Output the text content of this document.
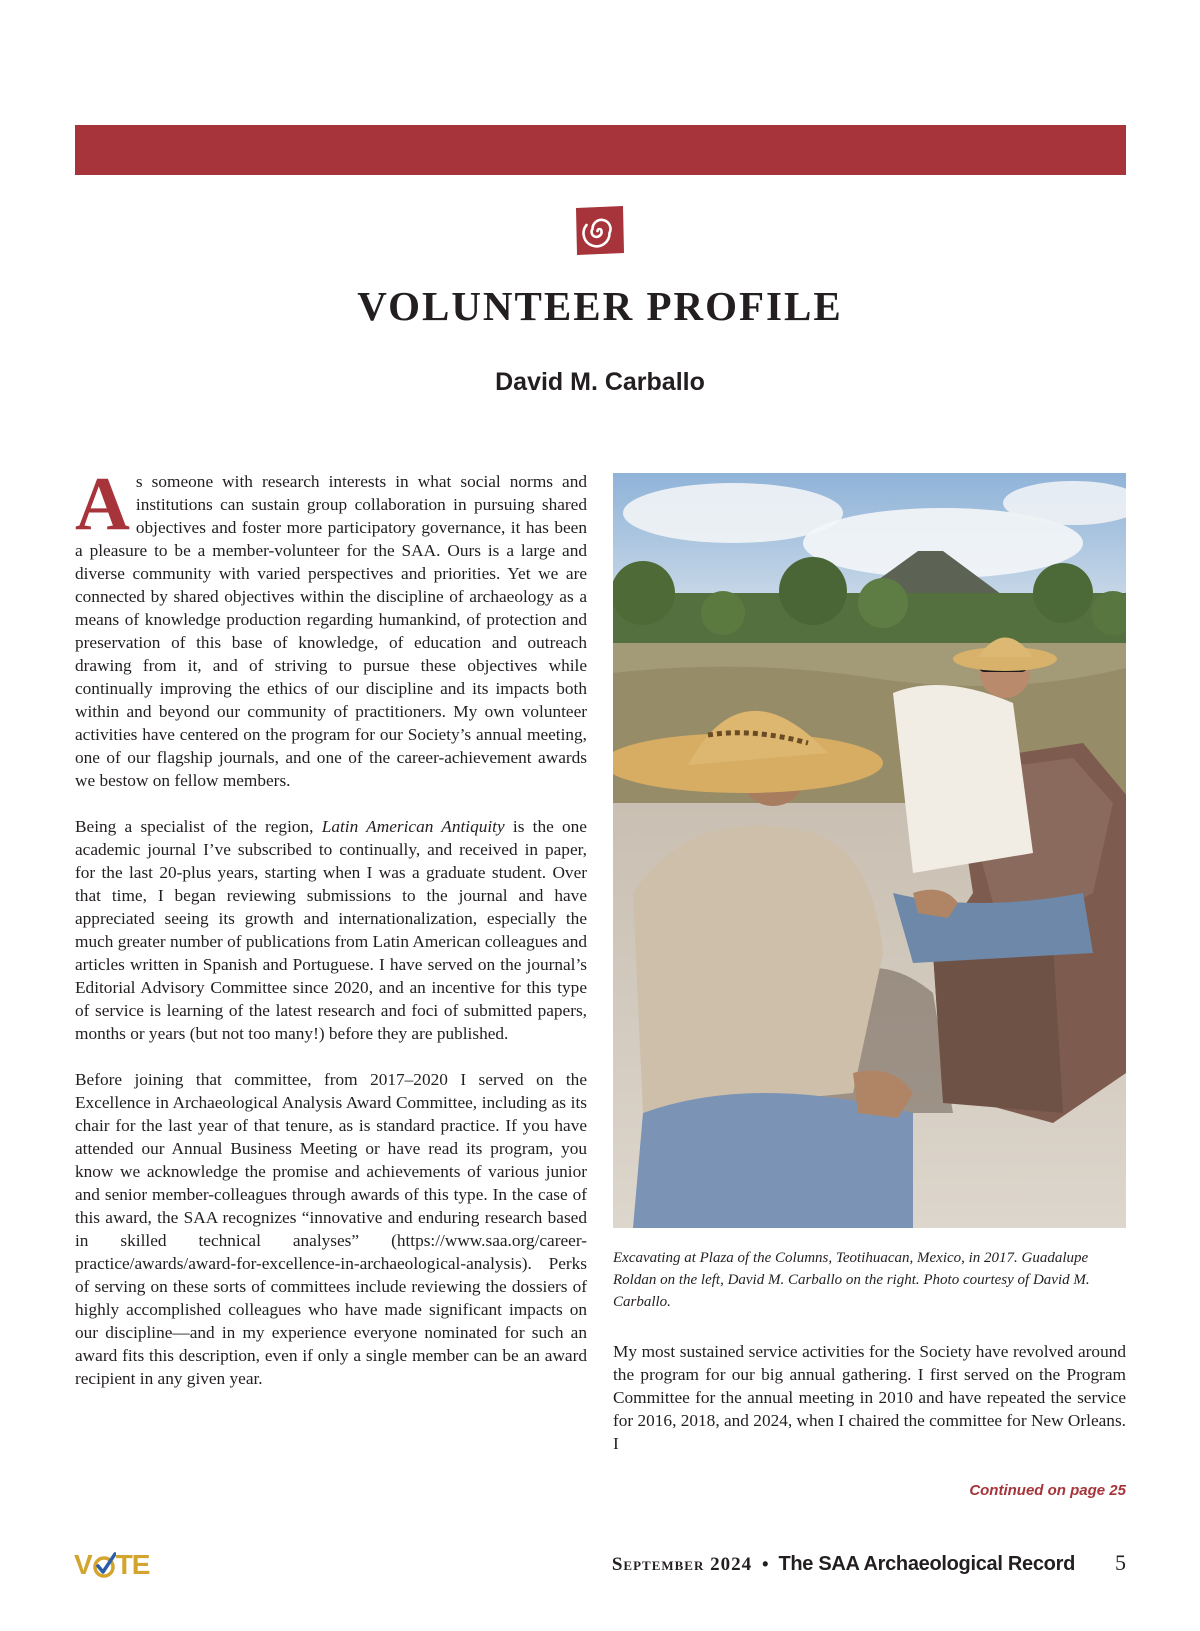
VOLUNTEER PROFILE
David M. Carballo

As someone with research interests in what social norms and institutions can sustain group collaboration in pursuing shared objectives and foster more participatory governance, it has been a pleasure to be a member-volunteer for the SAA. Ours is a large and diverse community with varied perspectives and priorities. Yet we are connected by shared objectives within the discipline of archaeology as a means of knowledge production regarding humankind, of protection and preservation of this base of knowledge, of education and outreach drawing from it, and of striving to pursue these objectives while continually improving the ethics of our discipline and its impacts both within and beyond our community of practitioners. My own volunteer activities have centered on the program for our Society’s annual meeting, one of our flagship journals, and one of the career-achievement awards we bestow on fellow members.

Being a specialist of the region, Latin American Antiquity is the one academic journal I’ve subscribed to continually, and received in paper, for the last 20-plus years, starting when I was a graduate student. Over that time, I began reviewing submissions to the journal and have appreciated seeing its growth and internationalization, especially the much greater number of publications from Latin American colleagues and articles written in Spanish and Portuguese. I have served on the journal’s Editorial Advisory Committee since 2020, and an incentive for this type of service is learning of the latest research and foci of submitted papers, months or years (but not too many!) before they are published.

Before joining that committee, from 2017–2020 I served on the Excellence in Archaeological Analysis Award Committee, including as its chair for the last year of that tenure, as is standard practice. If you have attended our Annual Business Meeting or have read its program, you know we acknowledge the promise and achievements of various junior and senior member-colleagues through awards of this type. In the case of this award, the SAA recognizes “innovative and enduring research based in skilled technical analyses” (https://www.saa.org/career-practice/awards/award-for-excellence-in-archaeological-analysis). Perks of serving on these sorts of committees include reviewing the dossiers of highly accomplished colleagues who have made significant impacts on our discipline—and in my experience everyone nominated for such an award fits this description, even if only a single member can be an award recipient in any given year.

Excavating at Plaza of the Columns, Teotihuacan, Mexico, in 2017. Guadalupe Roldan on the left, David M. Carballo on the right. Photo courtesy of David M. Carballo.

My most sustained service activities for the Society have revolved around the program for our big annual gathering. I first served on the Program Committee for the annual meeting in 2010 and have repeated the service for 2016, 2018, and 2024, when I chaired the committee for New Orleans. I

Continued on page 25
V TE	September 2024 • The SAA Archaeological Record 5
